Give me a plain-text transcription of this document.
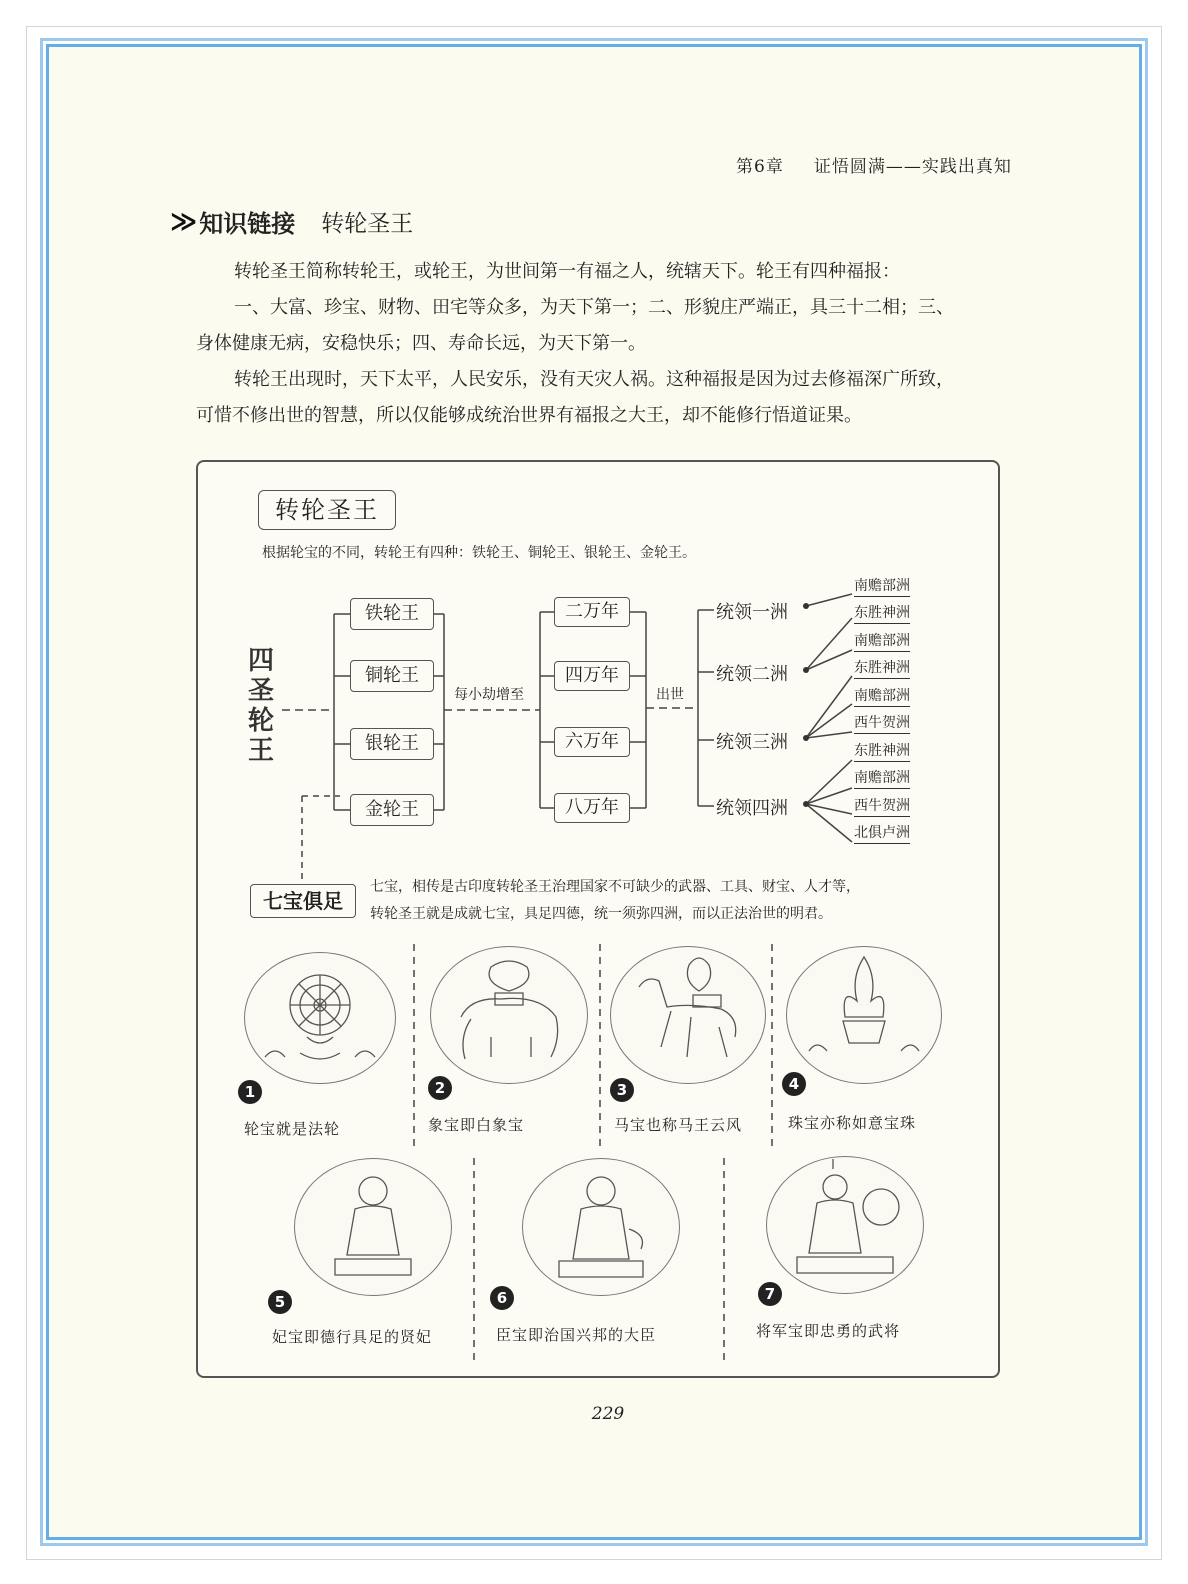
第6章 证悟圆满——实践出真知
≫ 知识链接 转轮圣王
转轮圣王简称转轮王，或轮王，为世间第一有福之人，统辖天下。轮王有四种福报：
一、大富、珍宝、财物、田宅等众多，为天下第一；二、形貌庄严端正，具三十二相；三、
身体健康无病，安稳快乐；四、寿命长远，为天下第一。
转轮王出现时，天下太平，人民安乐，没有天灾人祸。这种福报是因为过去修福深广所致，
可惜不修出世的智慧，所以仅能够成统治世界有福报之大王，却不能修行悟道证果。
转轮圣王
根据轮宝的不同，转轮王有四种：铁轮王、铜轮王、银轮王、金轮王。
四
圣
轮
王
铁轮王
铜轮王
银轮王
金轮王
每小劫增至
二万年
四万年
六万年
八万年
出世
统领一洲
统领二洲
统领三洲
统领四洲
南赡部洲
东胜神洲
南赡部洲
东胜神洲
南赡部洲
西牛贺洲
东胜神洲
南赡部洲
西牛贺洲
北俱卢洲
七宝俱足
七宝，相传是古印度转轮圣王治理国家不可缺少的武器、工具、财宝、人才等，
转轮圣王就是成就七宝，具足四德，统一须弥四洲，而以正法治世的明君。
1	2	3	4
轮宝就是法轮	象宝即白象宝	马宝也称马王云风	珠宝亦称如意宝珠
5	6	7
妃宝即德行具足的贤妃	臣宝即治国兴邦的大臣	将军宝即忠勇的武将
229
